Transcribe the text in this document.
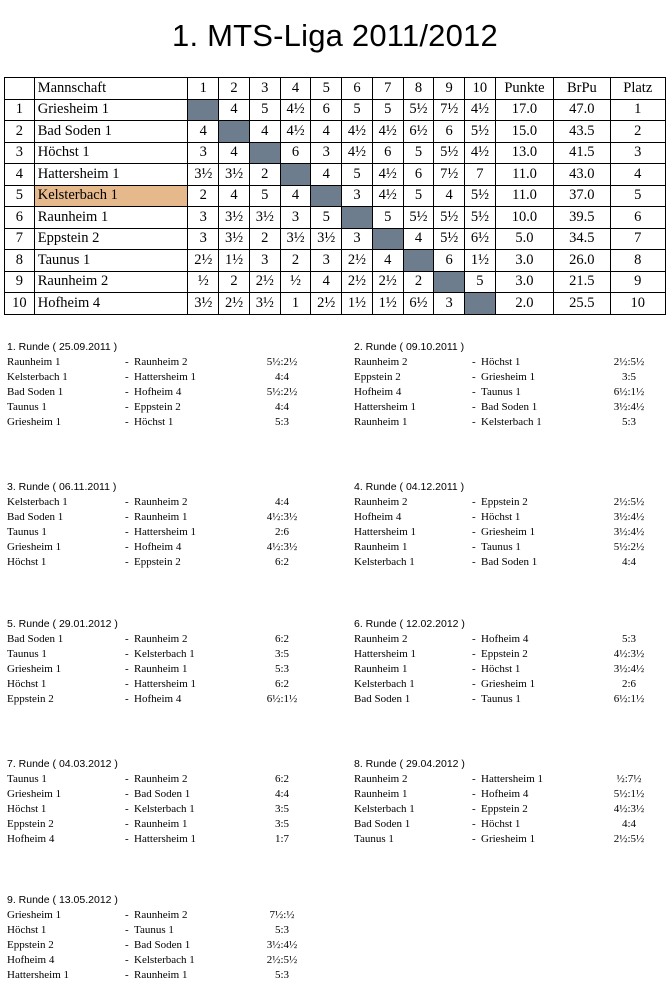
1. MTS-Liga 2011/2012
	Mannschaft	1	2	3	4	5	6	7	8	9	10	Punkte	BrPu	Platz
1	Griesheim 1		4	5	4½	6	5	5	5½	7½	4½	17.0	47.0	1
2	Bad Soden 1	4		4	4½	4	4½	4½	6½	6	5½	15.0	43.5	2
3	Höchst 1	3	4		6	3	4½	6	5	5½	4½	13.0	41.5	3
4	Hattersheim 1	3½	3½	2		4	5	4½	6	7½	7	11.0	43.0	4
5	Kelsterbach 1	2	4	5	4		3	4½	5	4	5½	11.0	37.0	5
6	Raunheim 1	3	3½	3½	3	5		5	5½	5½	5½	10.0	39.5	6
7	Eppstein 2	3	3½	2	3½	3½	3		4	5½	6½	5.0	34.5	7
8	Taunus 1	2½	1½	3	2	3	2½	4		6	1½	3.0	26.0	8
9	Raunheim 2	½	2	2½	½	4	2½	2½	2		5	3.0	21.5	9
10	Hofheim 4	3½	2½	3½	1	2½	1½	1½	6½	3		2.0	25.5	10
1. Runde ( 25.09.2011 )
Raunheim 1	- Raunheim 2	5½:2½
Kelsterbach 1	- Hattersheim 1	4:4
Bad Soden 1	- Hofheim 4	5½:2½
Taunus 1	- Eppstein 2	4:4
Griesheim 1	- Höchst 1	5:3
2. Runde ( 09.10.2011 )
Raunheim 2	- Höchst 1	2½:5½
Eppstein 2	- Griesheim 1	3:5
Hofheim 4	- Taunus 1	6½:1½
Hattersheim 1	- Bad Soden 1	3½:4½
Raunheim 1	- Kelsterbach 1	5:3
3. Runde ( 06.11.2011 )
Kelsterbach 1	- Raunheim 2	4:4
Bad Soden 1	- Raunheim 1	4½:3½
Taunus 1	- Hattersheim 1	2:6
Griesheim 1	- Hofheim 4	4½:3½
Höchst 1	- Eppstein 2	6:2
4. Runde ( 04.12.2011 )
Raunheim 2	- Eppstein 2	2½:5½
Hofheim 4	- Höchst 1	3½:4½
Hattersheim 1	- Griesheim 1	3½:4½
Raunheim 1	- Taunus 1	5½:2½
Kelsterbach 1	- Bad Soden 1	4:4
5. Runde ( 29.01.2012 )
Bad Soden 1	- Raunheim 2	6:2
Taunus 1	- Kelsterbach 1	3:5
Griesheim 1	- Raunheim 1	5:3
Höchst 1	- Hattersheim 1	6:2
Eppstein 2	- Hofheim 4	6½:1½
6. Runde ( 12.02.2012 )
Raunheim 2	- Hofheim 4	5:3
Hattersheim 1	- Eppstein 2	4½:3½
Raunheim 1	- Höchst 1	3½:4½
Kelsterbach 1	- Griesheim 1	2:6
Bad Soden 1	- Taunus 1	6½:1½
7. Runde ( 04.03.2012 )
Taunus 1	- Raunheim 2	6:2
Griesheim 1	- Bad Soden 1	4:4
Höchst 1	- Kelsterbach 1	3:5
Eppstein 2	- Raunheim 1	3:5
Hofheim 4	- Hattersheim 1	1:7
8. Runde ( 29.04.2012 )
Raunheim 2	- Hattersheim 1	½:7½
Raunheim 1	- Hofheim 4	5½:1½
Kelsterbach 1	- Eppstein 2	4½:3½
Bad Soden 1	- Höchst 1	4:4
Taunus 1	- Griesheim 1	2½:5½
9. Runde ( 13.05.2012 )
Griesheim 1	- Raunheim 2	7½:½
Höchst 1	- Taunus 1	5:3
Eppstein 2	- Bad Soden 1	3½:4½
Hofheim 4	- Kelsterbach 1	2½:5½
Hattersheim 1	- Raunheim 1	5:3
